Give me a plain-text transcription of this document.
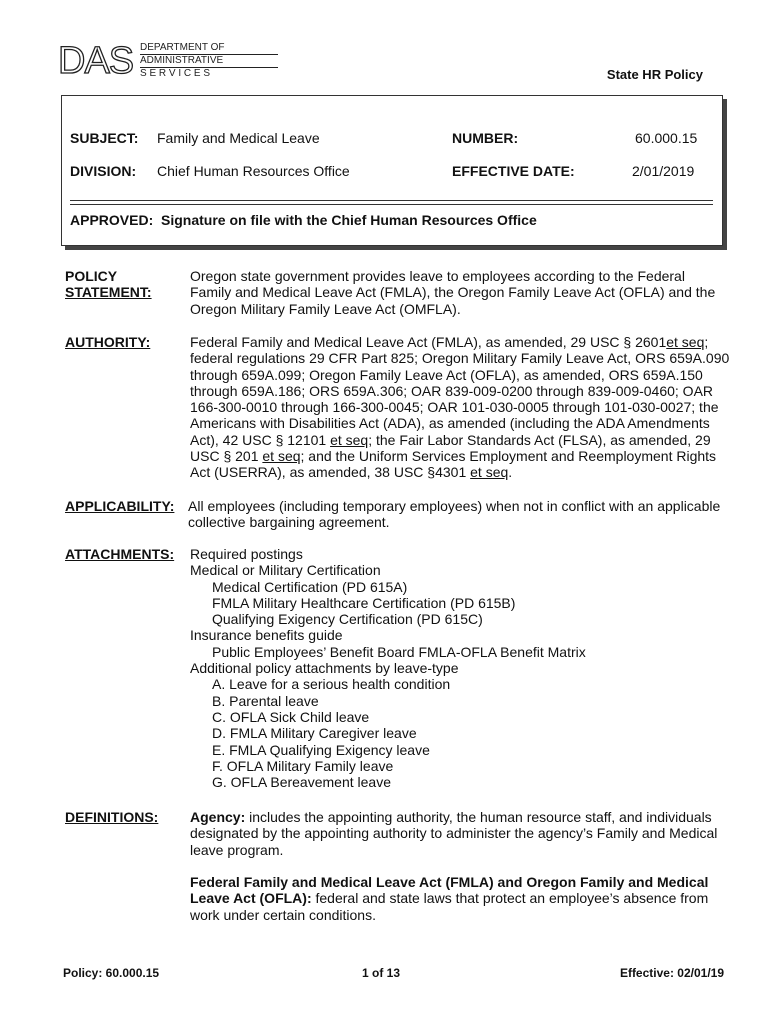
DAS DEPARTMENT OF
ADMINISTRATIVE
S E R V I C E S	State HR Policy
SUBJECT: Family and Medical Leave	NUMBER:	60.000.15
DIVISION: Chief Human Resources Office	EFFECTIVE DATE:	2/01/2019
APPROVED:  Signature on file with the Chief Human Resources Office
POLICY
STATEMENT:
Oregon state government provides leave to employees according to the Federal Family and Medical Leave Act (FMLA), the Oregon Family Leave Act (OFLA) and the Oregon Military Family Leave Act (OMFLA).
AUTHORITY:	Federal Family and Medical Leave Act (FMLA), as amended, 29 USC § 2601et seq; federal regulations 29 CFR Part 825; Oregon Military Family Leave Act, ORS 659A.090 through 659A.099; Oregon Family Leave Act (OFLA), as amended, ORS 659A.150 through 659A.186; ORS 659A.306; OAR 839-009-0200 through 839-009-0460; OAR 166-300-0010 through 166-300-0045; OAR 101-030-0005 through 101-030-0027; the Americans with Disabilities Act (ADA), as amended (including the ADA Amendments Act), 42 USC § 12101 et seq; the Fair Labor Standards Act (FLSA), as amended, 29 USC § 201 et seq; and the Uniform Services Employment and Reemployment Rights Act (USERRA), as amended, 38 USC §4301 et seq.
APPLICABILITY: All employees (including temporary employees) when not in conflict with an applicable collective bargaining agreement.
ATTACHMENTS: Required postings
Medical or Military Certification
Medical Certification (PD 615A)
FMLA Military Healthcare Certification (PD 615B)
Qualifying Exigency Certification (PD 615C)
Insurance benefits guide
Public Employees’ Benefit Board FMLA-OFLA Benefit Matrix
Additional policy attachments by leave-type
A. Leave for a serious health condition
B. Parental leave
C. OFLA Sick Child leave
D. FMLA Military Caregiver leave
E. FMLA Qualifying Exigency leave
F. OFLA Military Family leave
G. OFLA Bereavement leave
DEFINITIONS: Agency: includes the appointing authority, the human resource staff, and individuals designated by the appointing authority to administer the agency’s Family and Medical leave program.
Federal Family and Medical Leave Act (FMLA) and Oregon Family and Medical Leave Act (OFLA): federal and state laws that protect an employee’s absence from work under certain conditions.
Policy: 60.000.15	1 of 13	Effective: 02/01/19
